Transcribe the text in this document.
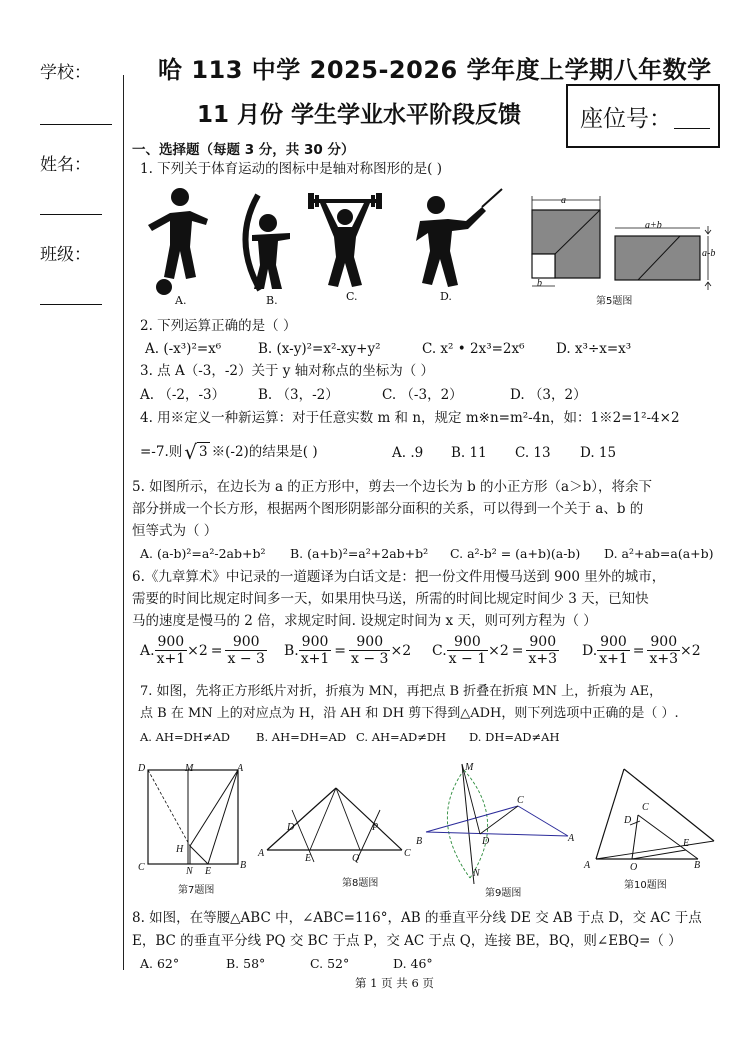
学校：
姓名：
班级：
哈 113 中学 2025-2026 学年度上学期八年数学
11 月份 学生学业水平阶段反馈	座位号：
一、选择题（每题 3 分，共 30 分）
1. 下列关于体育运动的图标中是轴对称图形的是( )
A.	B.	C.	D.
a
b
a+b
a-b
第5题图
2. 下列运算正确的是（ ）
A. (-x³)²=x⁶	B. (x-y)²=x²-xy+y²	C. x² • 2x³=2x⁶ D. x³÷x=x³
3. 点 A（-3，-2）关于 y 轴对称点的坐标为（ ）
A. （-2，-3） B. （3，-2）	C. （-3，2）	D. （3，2）
4. 用※定义一种新运算：对于任意实数 m 和 n，规定 m※n=m²-4n，如：1※2=1²-4×2
=-7.则 √ 3 ※(-2)的结果是( )	A. .9 B. 11 C. 13 D. 15
5. 如图所示，在边长为 a 的正方形中，剪去一个边长为 b 的小正方形（a＞b），将余下
部分拼成一个长方形，根据两个图形阴影部分面积的关系，可以得到一个关于 a、b 的
恒等式为（ ）
A. (a-b)²=a²-2ab+b² B. (a+b)²=a²+2ab+b² C. a²-b² = (a+b)(a-b) D. a²+ab=a(a+b)
6.《九章算术》中记录的一道题译为白话文是：把一份文件用慢马送到 900 里外的城市，
需要的时间比规定时间多一天，如果用快马送，所需的时间比规定时间少 3 天，已知快
马的速度是慢马的 2 倍，求规定时间. 设规定时间为 x 天，则可列方程为（ ）
A. $\frac{900}{x+1} \times 2 = \frac{900}{x - 3} B$. $\frac{900}{x+1} = \frac{900}{x - 3} \times 2$ C. $\frac{900}{x - 1} \times 2 = \frac{900}{x+3} D$. $\frac{900}{x+1} = \frac{900}{x+3} \times 2$
7. 如图，先将正方形纸片对折，折痕为 MN，再把点 B 折叠在折痕 MN 上，折痕为 AE，
点 B 在 MN 上的对应点为 H，沿 AH 和 DH 剪下得到△ADH，则下列选项中正确的是（ ）.
A. AH=DH≠AD B. AH=DH=AD C. AH=AD≠DH D. DH=AD≠AH
D	M	A
H
C	N E
B
第7题图
A
D
E	Q
P
C
第8题图
M
C
B	D	A
N
第9题图
C
D
E
A	O	B
第10题图
8. 如图，在等腰△ABC 中，∠ABC=116°，AB 的垂直平分线 DE 交 AB 于点 D，交 AC 于点
E，BC 的垂直平分线 PQ 交 BC 于点 P，交 AC 于点 Q，连接 BE，BQ，则∠EBQ=（ ）
A. 62°	B. 58°	C. 52°	D. 46°
第 1 页 共 6 页
